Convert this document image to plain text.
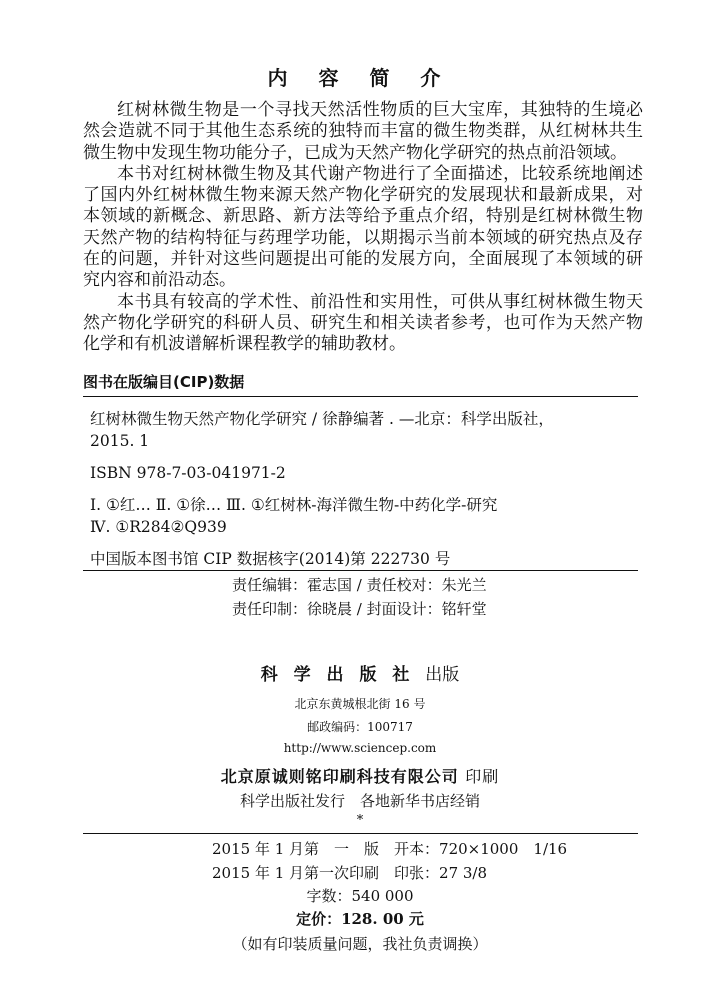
内 容 简 介

红树林微生物是一个寻找天然活性物质的巨大宝库，其独特的生境必然会造就不同于其他生态系统的独特而丰富的微生物类群，从红树林共生微生物中发现生物功能分子，已成为天然产物化学研究的热点前沿领域。

本书对红树林微生物及其代谢产物进行了全面描述，比较系统地阐述了国内外红树林微生物来源天然产物化学研究的发展现状和最新成果，对本领域的新概念、新思路、新方法等给予重点介绍，特别是红树林微生物天然产物的结构特征与药理学功能，以期揭示当前本领域的研究热点及存在的问题，并针对这些问题提出可能的发展方向，全面展现了本领域的研究内容和前沿动态。

本书具有较高的学术性、前沿性和实用性，可供从事红树林微生物天然产物化学研究的科研人员、研究生和相关读者参考，也可作为天然产物化学和有机波谱解析课程教学的辅助教材。

图书在版编目(CIP)数据
红树林微生物天然产物化学研究 / 徐静编著 . —北京：科学出版社，
2015. 1
ISBN 978-7-03-041971-2
Ⅰ. ①红… Ⅱ. ①徐… Ⅲ. ①红树林-海洋微生物-中药化学-研究
Ⅳ. ①R284②Q939
中国版本图书馆 CIP 数据核字(2014)第 222730 号
责任编辑：霍志国 / 责任校对：朱光兰
责任印制：徐晓晨 / 封面设计：铭轩堂
科 学 出 版 社 出版
北京东黄城根北街 16 号
邮政编码：100717
http://www.sciencep.com
北京原诚则铭印刷科技有限公司 印刷
科学出版社发行　各地新华书店经销
*
2015 年 1 月第　一　版　开本：720×1000　1/16
2015 年 1 月第一次印刷　印张：27 3/8
字数：540 000
定价：128. 00 元
（如有印装质量问题，我社负责调换）
